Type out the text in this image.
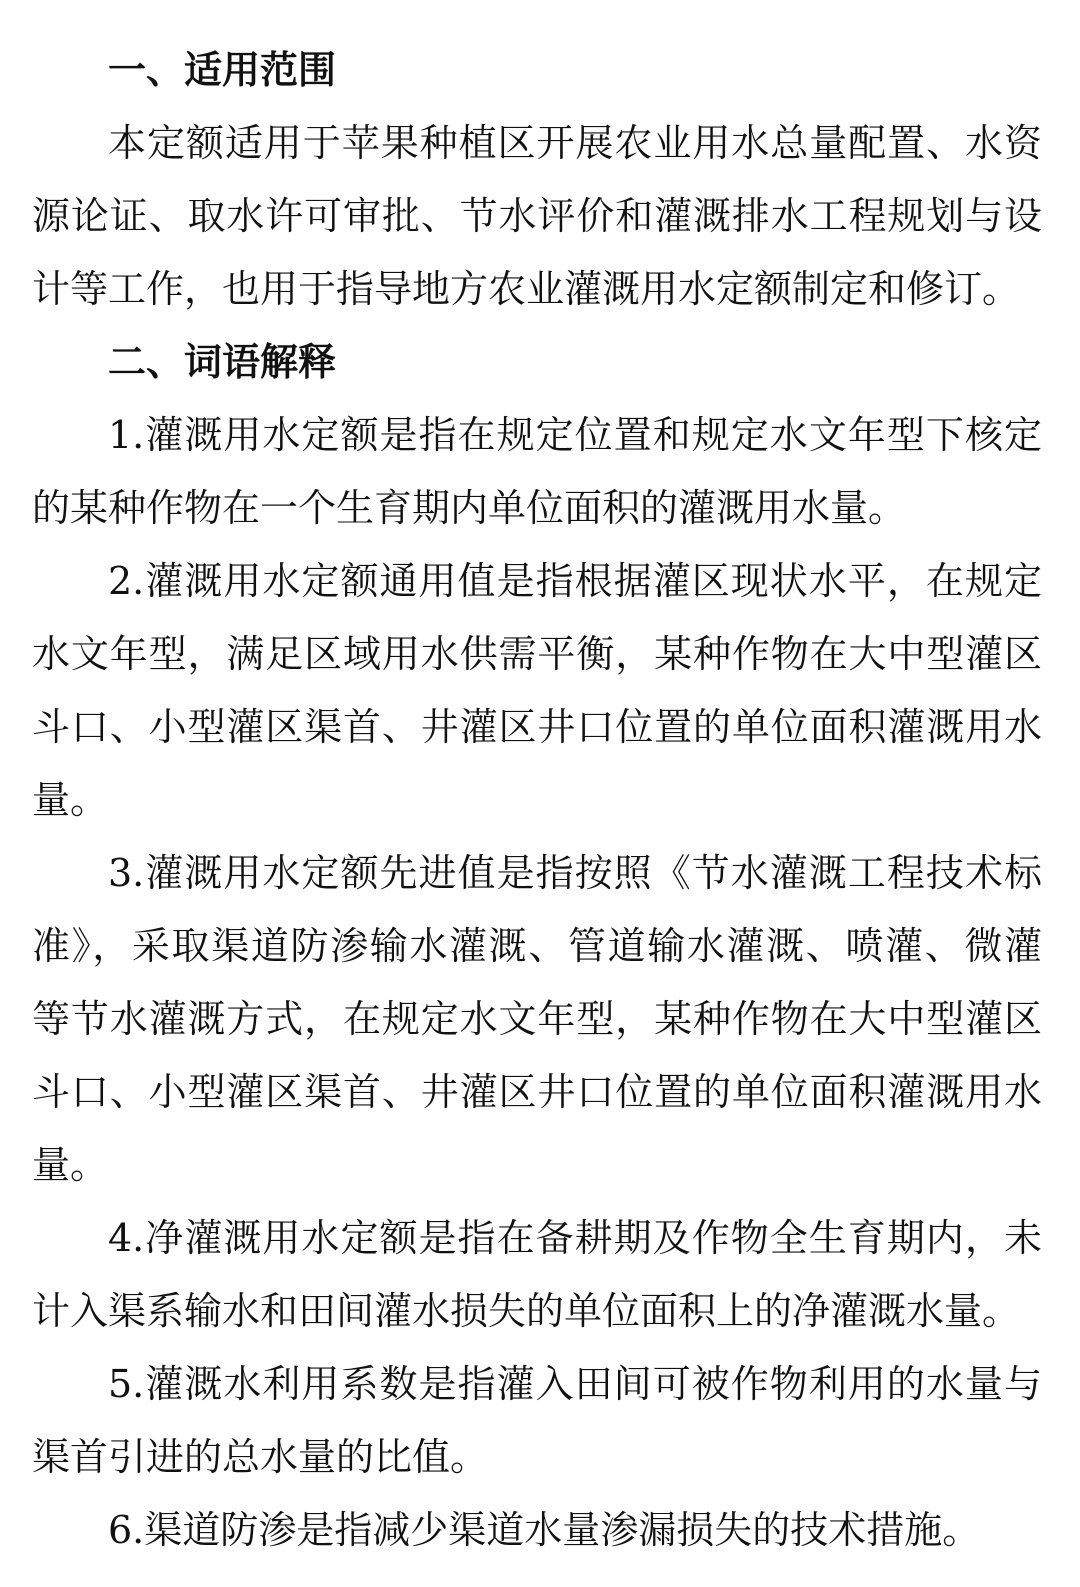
一、适用范围
本定额适用于苹果种植区开展农业用水总量配置、水资
源论证、取水许可审批、节水评价和灌溉排水工程规划与设
计等工作，也用于指导地方农业灌溉用水定额制定和修订。
二、词语解释
1.灌溉用水定额是指在规定位置和规定水文年型下核定
的某种作物在一个生育期内单位面积的灌溉用水量。
2.灌溉用水定额通用值是指根据灌区现状水平，在规定
水文年型，满足区域用水供需平衡，某种作物在大中型灌区
斗口、小型灌区渠首、井灌区井口位置的单位面积灌溉用水
量。
3.灌溉用水定额先进值是指按照《节水灌溉工程技术标
准》，采取渠道防渗输水灌溉、管道输水灌溉、喷灌、微灌
等节水灌溉方式，在规定水文年型，某种作物在大中型灌区
斗口、小型灌区渠首、井灌区井口位置的单位面积灌溉用水
量。
4.净灌溉用水定额是指在备耕期及作物全生育期内，未
计入渠系输水和田间灌水损失的单位面积上的净灌溉水量。
5.灌溉水利用系数是指灌入田间可被作物利用的水量与
渠首引进的总水量的比值。
6.渠道防渗是指减少渠道水量渗漏损失的技术措施。
